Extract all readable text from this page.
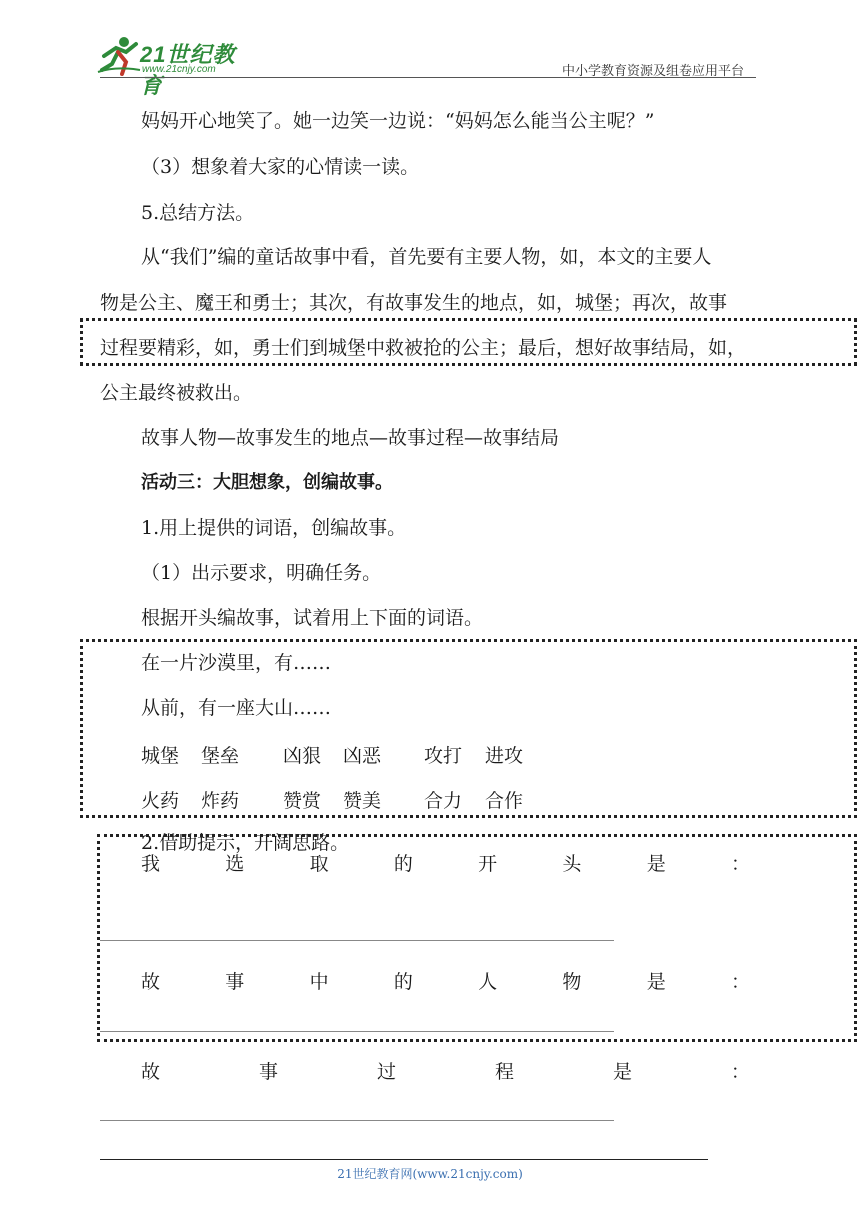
21世纪教育
www.21cnjy.com	中小学教育资源及组卷应用平台
妈妈开心地笑了。她一边笑一边说：“妈妈怎么能当公主呢？”
（3）想象着大家的心情读一读。
5.总结方法。
从“我们”编的童话故事中看，首先要有主要人物，如，本文的主要人
物是公主、魔王和勇士；其次，有故事发生的地点，如，城堡；再次，故事
过程要精彩，如，勇士们到城堡中救被抢的公主；最后，想好故事结局，如，
公主最终被救出。
故事人物—故事发生的地点—故事过程—故事结局
活动三：大胆想象，创编故事。
1.用上提供的词语，创编故事。
（1）出示要求，明确任务。
根据开头编故事，试着用上下面的词语。
在一片沙漠里，有……
从前，有一座大山……
城堡 堡垒 凶狠 凶恶 攻打 进攻
火药 炸药 赞赏 赞美 合力 合作
2.借助提示，开阔思路。
我	选	取	的	开	头	是	：
故	事	中	的	人	物	是	：
故	事	过	程	是	：
21世纪教育网(www.21cnjy.com)
